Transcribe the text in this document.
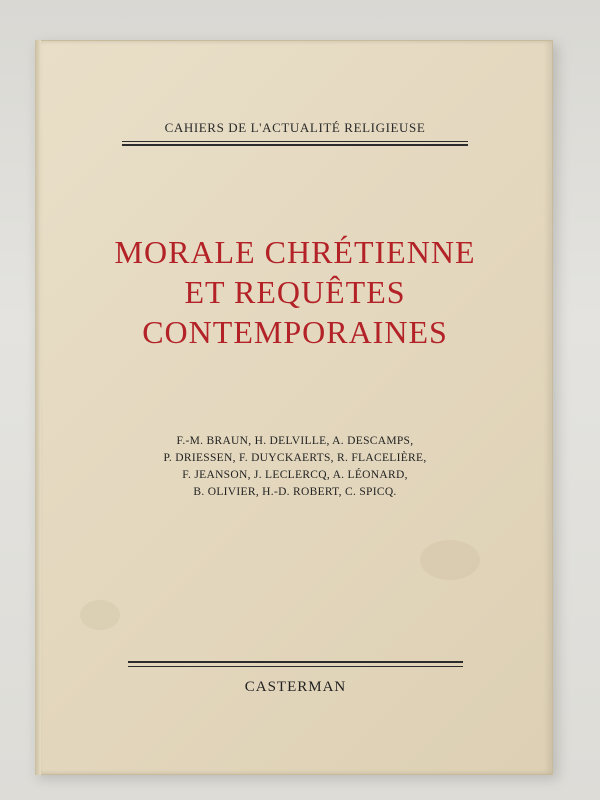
CAHIERS DE L'ACTUALITÉ RELIGIEUSE
MORALE CHRÉTIENNE
ET REQUÊTES
CONTEMPORAINES
F.-M. BRAUN, H. DELVILLE, A. DESCAMPS,
P. DRIESSEN, F. DUYCKAERTS, R. FLACELIÈRE,
F. JEANSON, J. LECLERCQ, A. LÉONARD,
B. OLIVIER, H.-D. ROBERT, C. SPICQ.
CASTERMAN
